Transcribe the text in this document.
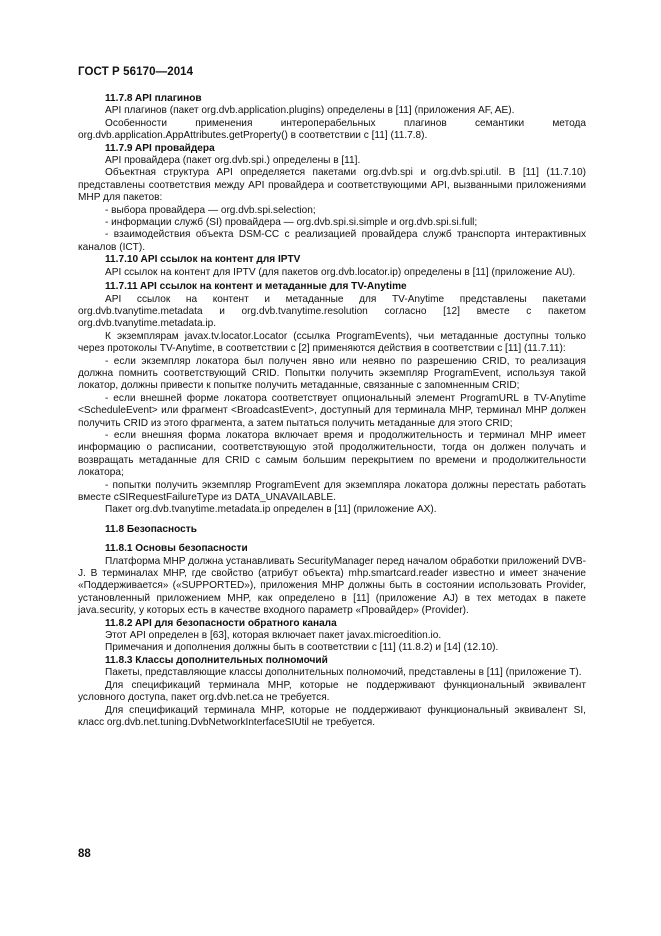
ГОСТ Р 56170—2014

11.7.8 API плагинов

API плагинов (пакет org.dvb.application.plugins) определены в [11] (приложения AF, AE).

Особенности применения интероперабельных плагинов семантики метода org.dvb.application.AppAttributes.getProperty() в соответствии с [11] (11.7.8).

11.7.9 API провайдера

API провайдера (пакет org.dvb.spi.) определены в [11].

Объектная структура API определяется пакетами org.dvb.spi и org.dvb.spi.util. В [11] (11.7.10) представлены соответствия между API провайдера и соответствующими API, вызванными приложениями MHP для пакетов:

- выбора провайдера — org.dvb.spi.selection;

- информации служб (SI) провайдера — org.dvb.spi.si.simple и org.dvb.spi.si.full;

- взаимодействия объекта DSM-CC с реализацией провайдера служб транспорта интерактивных каналов (ICT).

11.7.10 API ссылок на контент для IPTV

API ссылок на контент для IPTV (для пакетов org.dvb.locator.ip) определены в [11] (приложение AU).

11.7.11 API ссылок на контент и метаданные для TV-Anytime

API ссылок на контент и метаданные для TV-Anytime представлены пакетами org.dvb.tvanytime.metadata и org.dvb.tvanytime.resolution согласно [12] вместе с пакетом org.dvb.tvanytime.metadata.ip.

К экземплярам javax.tv.locator.Locator (ссылка ProgramEvents), чьи метаданные доступны только через протоколы TV-Anytime, в соответствии с [2] применяются действия в соответствии с [11] (11.7.11):

- если экземпляр локатора был получен явно или неявно по разрешению CRID, то реализация должна помнить соответствующий CRID. Попытки получить экземпляр ProgramEvent, используя такой локатор, должны привести к попытке получить метаданные, связанные с запомненным CRID;

- если внешней форме локатора соответствует опциональный элемент ProgramURL в TV-Anytime <ScheduleEvent> или фрагмент <BroadcastEvent>, доступный для терминала MHP, терминал MHP должен получить CRID из этого фрагмента, а затем пытаться получить метаданные для этого CRID;

- если внешняя форма локатора включает время и продолжительность и терминал MHP имеет информацию о расписании, соответствующую этой продолжительности, тогда он должен получать и возвращать метаданные для CRID с самым большим перекрытием по времени и продолжительности локатора;

- попытки получить экземпляр ProgramEvent для экземпляра локатора должны перестать работать вместе cSIRequestFailureType из DATA_UNAVAILABLE.

Пакет org.dvb.tvanytime.metadata.ip определен в [11] (приложение AX).

11.8 Безопасность

11.8.1 Основы безопасности

Платформа MHP должна устанавливать SecurityManager перед началом обработки приложений DVB-J. В терминалах MHP, где свойство (атрибут объекта) mhp.smartcard.reader известно и имеет значение «Поддерживается» («SUPPORTED»), приложения MHP должны быть в состоянии использовать Provider, установленный приложением MHP, как определено в [11] (приложение AJ) в тех методах в пакете java.security, у которых есть в качестве входного параметр «Провайдер» (Provider).

11.8.2 API для безопасности обратного канала

Этот API определен в [63], которая включает пакет javax.microedition.io.

Примечания и дополнения должны быть в соответствии с [11] (11.8.2) и [14] (12.10).

11.8.3 Классы дополнительных полномочий

Пакеты, представляющие классы дополнительных полномочий, представлены в [11] (приложение T).

Для спецификаций терминала MHP, которые не поддерживают функциональный эквивалент условного доступа, пакет org.dvb.net.ca не требуется.

Для спецификаций терминала MHP, которые не поддерживают функциональный эквивалент SI, класс org.dvb.net.tuning.DvbNetworkInterfaceSIUtil не требуется.

88
